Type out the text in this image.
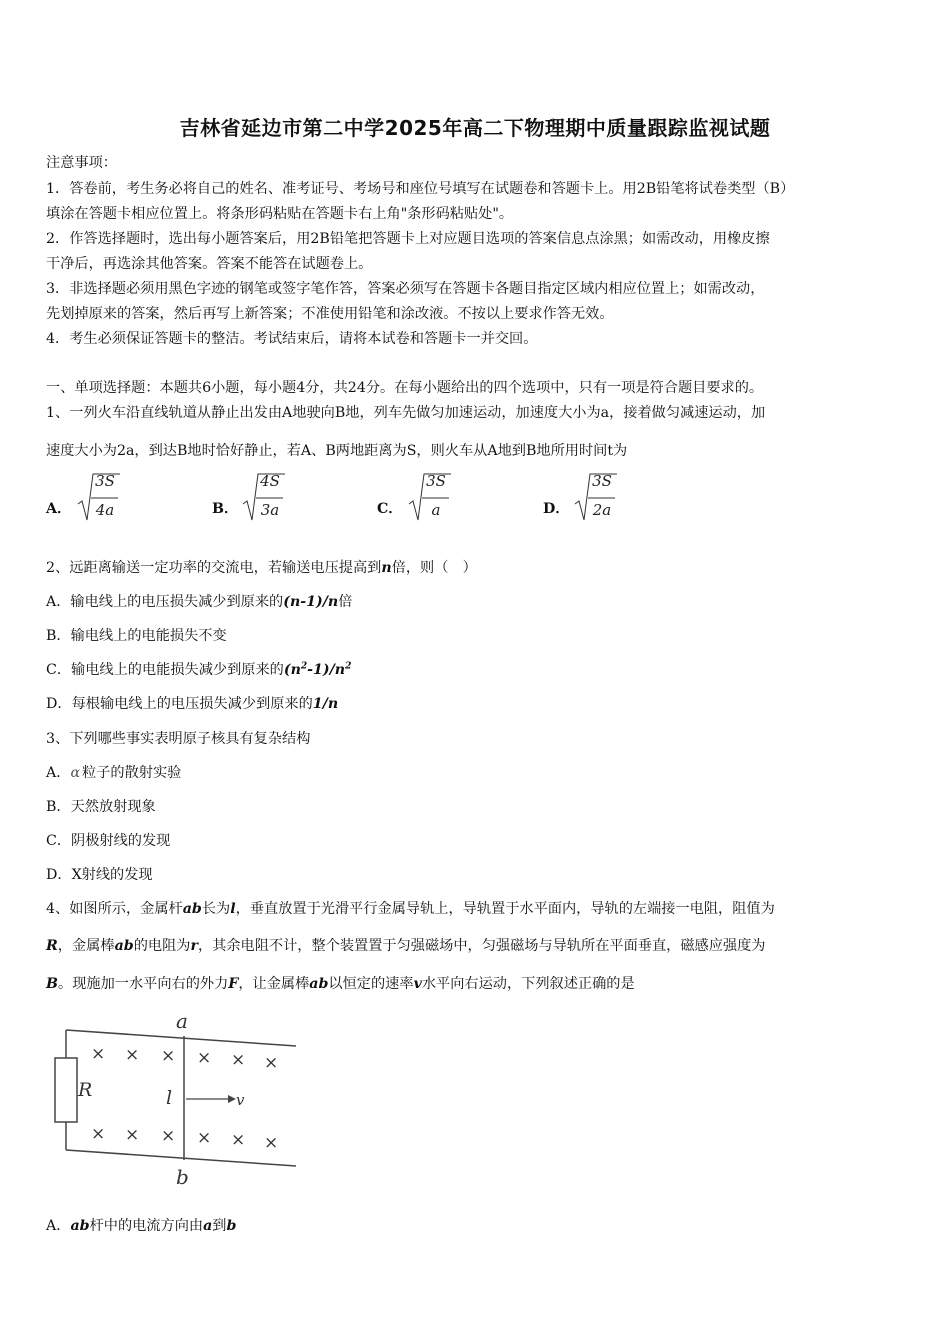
吉林省延边市第二中学2025年高二下物理期中质量跟踪监视试题
注意事项：
1．答卷前，考生务必将自己的姓名、准考证号、考场号和座位号填写在试题卷和答题卡上。用2B铅笔将试卷类型（B）
填涂在答题卡相应位置上。将条形码粘贴在答题卡右上角"条形码粘贴处"。
2．作答选择题时，选出每小题答案后，用2B铅笔把答题卡上对应题目选项的答案信息点涂黑；如需改动，用橡皮擦
干净后，再选涂其他答案。答案不能答在试题卷上。
3．非选择题必须用黑色字迹的钢笔或签字笔作答，答案必须写在答题卡各题目指定区域内相应位置上；如需改动，
先划掉原来的答案，然后再写上新答案；不准使用铅笔和涂改液。不按以上要求作答无效。
4．考生必须保证答题卡的整洁。考试结束后，请将本试卷和答题卡一并交回。
一、单项选择题：本题共6小题，每小题4分，共24分。在每小题给出的四个选项中，只有一项是符合题目要求的。
1、一列火车沿直线轨道从静止出发由A地驶向B地，列车先做匀加速运动，加速度大小为a，接着做匀减速运动，加
速度大小为2a，到达B地时恰好静止，若A、B两地距离为S，则火车从A地到B地所用时间t为
A．
3S
4a	B．
4S
3a	C．
3S
a	D．
3S
2a
2、远距离输送一定功率的交流电，若输送电压提高到n倍，则（　）
A．输电线上的电压损失减少到原来的(n-1)/n倍
B．输电线上的电能损失不变
C．输电线上的电能损失减少到原来的$(n^2-1)/n^2$
D．每根输电线上的电压损失减少到原来的1/n
3、下列哪些事实表明原子核具有复杂结构
A．α 粒子的散射实验
B．天然放射现象
C．阴极射线的发现
D．X射线的发现
4、如图所示，金属杆ab长为l，垂直放置于光滑平行金属导轨上，导轨置于水平面内，导轨的左端接一电阻，阻值为
R，金属棒ab的电阻为r，其余电阻不计，整个装置置于匀强磁场中，匀强磁场与导轨所在平面垂直，磁感应强度为
B。现施加一水平向右的外力F，让金属棒ab以恒定的速率v水平向右运动，下列叙述正确的是
a
b
R	l	v
× × × × × ×
× × × × × ×
A．ab杆中的电流方向由a到b
